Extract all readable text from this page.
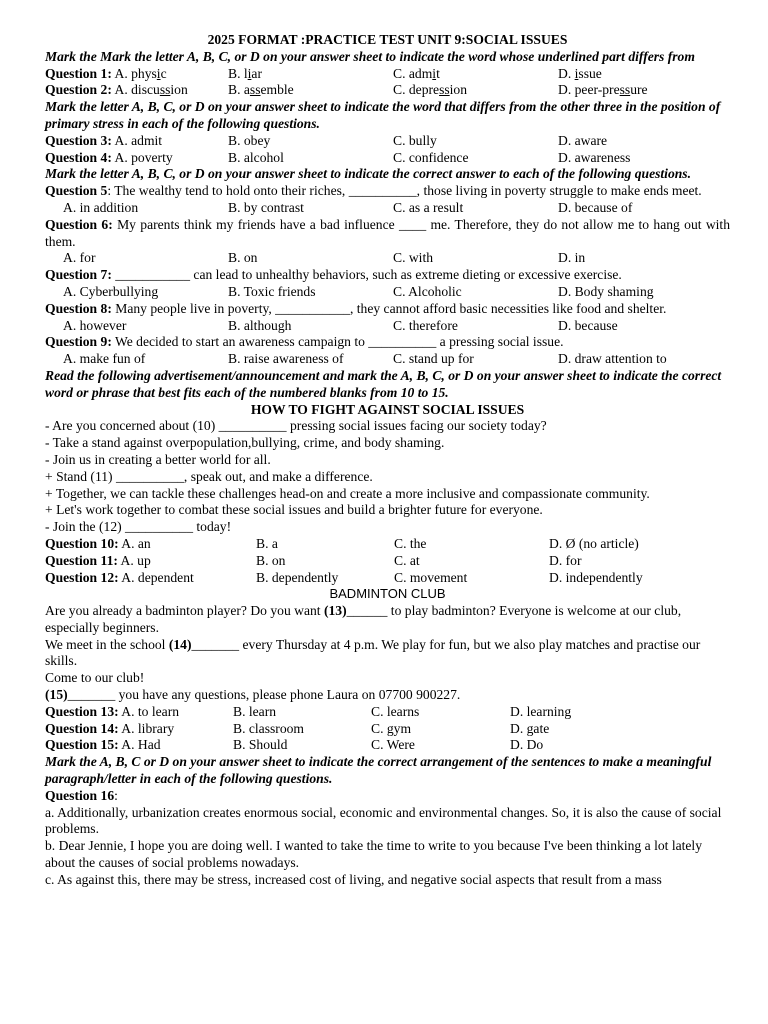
2025 FORMAT :PRACTICE TEST UNIT 9:SOCIAL ISSUES
Mark the Mark the letter A, B, C, or D on your answer sheet to indicate the word whose underlined part differs from
Question 1: A. physic	B. liar	C. admit	D. issue
Question 2: A. discussion	B. assemble	C. depression	D. peer-pressure
Mark the letter A, B, C, or D on your answer sheet to indicate the word that differs from the other three in the position of primary stress in each of the following questions.
Question 3: A. admit	B. obey	C. bully	D. aware
Question 4: A. poverty	B. alcohol	C. confidence	D. awareness
Mark the letter A, B, C, or D on your answer sheet to indicate the correct answer to each of the following questions.
Question 5: The wealthy tend to hold onto their riches, __________, those living in poverty struggle to make ends meet.
A. in addition	B. by contrast	C. as a result	D. because of
Question 6: My parents think my friends have a bad influence ____ me. Therefore, they do not allow me to hang out with them.
A. for	B. on	C. with	D. in
Question 7: ___________ can lead to unhealthy behaviors, such as extreme dieting or excessive exercise.
A. Cyberbullying	B. Toxic friends	C. Alcoholic	D. Body shaming
Question 8: Many people live in poverty, ___________, they cannot afford basic necessities like food and shelter.
A. however	B. although	C. therefore	D. because
Question 9: We decided to start an awareness campaign to __________ a pressing social issue.
A. make fun of	B. raise awareness of	C. stand up for	D. draw attention to
Read the following advertisement/announcement and mark the A, B, C, or D on your answer sheet to indicate the correct word or phrase that best fits each of the numbered blanks from 10 to 15.
HOW TO FIGHT AGAINST SOCIAL ISSUES
- Are you concerned about (10) __________ pressing social issues facing our society today?
- Take a stand against overpopulation,bullying, crime, and body shaming.
- Join us in creating a better world for all.
+ Stand (11) __________, speak out, and make a difference.
+ Together, we can tackle these challenges head-on and create a more inclusive and compassionate community.
+ Let's work together to combat these social issues and build a brighter future for everyone.
- Join the (12) __________ today!
Question 10: A. an	B. a	C. the	D. Ø (no article)
Question 11: A. up	B. on	C. at	D. for
Question 12: A. dependent	B. dependently	C. movement	D. independently
BADMINTON CLUB
Are you already a badminton player? Do you want (13)______ to play badminton? Everyone is welcome at our club, especially beginners.
We meet in the school (14)_______ every Thursday at 4 p.m. We play for fun, but we also play matches and practise our skills.
Come to our club!
(15)_______ you have any questions, please phone Laura on 07700 900227.
Question 13: A. to learn	B. learn	C. learns	D. learning
Question 14: A. library	B. classroom	C. gym	D. gate
Question 15: A. Had	B. Should	C. Were	D. Do
Mark the A, B, C or D on your answer sheet to indicate the correct arrangement of the sentences to make a meaningful paragraph/letter in each of the following questions.
Question 16:
a. Additionally, urbanization creates enormous social, economic and environmental changes. So, it is also the cause of social problems.
b. Dear Jennie, I hope you are doing well. I wanted to take the time to write to you because I've been thinking a lot lately about the causes of social problems nowadays.
c. As against this, there may be stress, increased cost of living, and negative social aspects that result from a mass
